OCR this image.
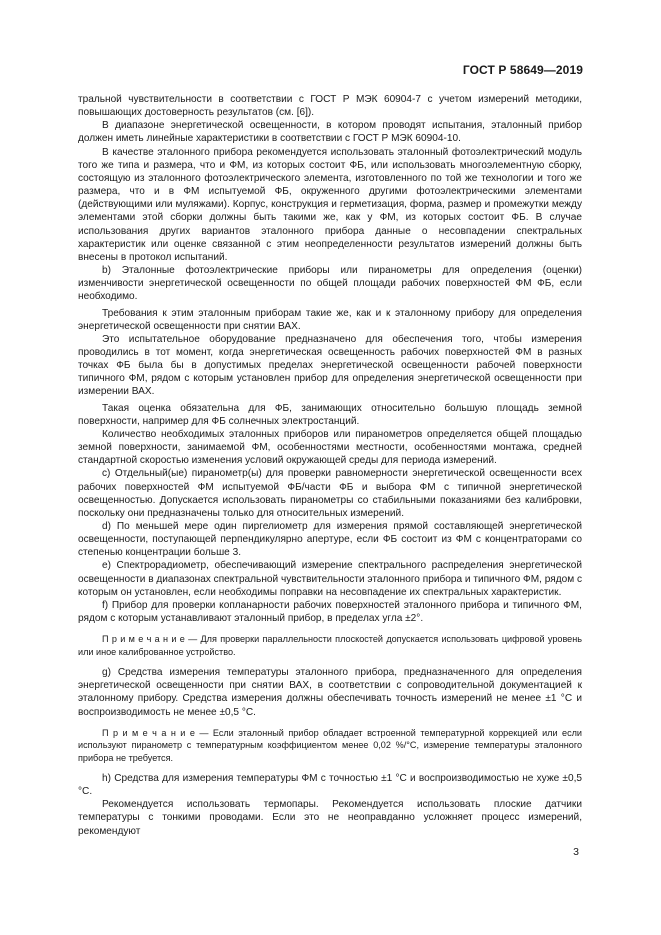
ГОСТ Р 58649—2019

тральной чувствительности в соответствии с ГОСТ Р МЭК 60904-7 с учетом измерений методики, повышающих достоверность результатов (см. [6]).

В диапазоне энергетической освещенности, в котором проводят испытания, эталонный прибор должен иметь линейные характеристики в соответствии с ГОСТ Р МЭК 60904-10.

В качестве эталонного прибора рекомендуется использовать эталонный фотоэлектрический модуль того же типа и размера, что и ФМ, из которых состоит ФБ, или использовать многоэлементную сборку, состоящую из эталонного фотоэлектрического элемента, изготовленного по той же технологии и того же размера, что и в ФМ испытуемой ФБ, окруженного другими фотоэлектрическими элементами (действующими или муляжами). Корпус, конструкция и герметизация, форма, размер и промежутки между элементами этой сборки должны быть такими же, как у ФМ, из которых состоит ФБ. В случае использования других вариантов эталонного прибора данные о несовпадении спектральных характеристик или оценке связанной с этим неопределенности результатов измерений должны быть внесены в протокол испытаний.

b) Эталонные фотоэлектрические приборы или пиранометры для определения (оценки) изменчивости энергетической освещенности по общей площади рабочих поверхностей ФМ ФБ, если необходимо.

Требования к этим эталонным приборам такие же, как и к эталонному прибору для определения энергетической освещенности при снятии ВАХ.

Это испытательное оборудование предназначено для обеспечения того, чтобы измерения проводились в тот момент, когда энергетическая освещенность рабочих поверхностей ФМ в разных точках ФБ была бы в допустимых пределах энергетической освещенности рабочей поверхности типичного ФМ, рядом с которым установлен прибор для определения энергетической освещенности при измерении ВАХ.

Такая оценка обязательна для ФБ, занимающих относительно большую площадь земной поверхности, например для ФБ солнечных электростанций.

Количество необходимых эталонных приборов или пиранометров определяется общей площадью земной поверхности, занимаемой ФМ, особенностями местности, особенностями монтажа, средней стандартной скоростью изменения условий окружающей среды для периода измерений.

c) Отдельный(ые) пиранометр(ы) для проверки равномерности энергетической освещенности всех рабочих поверхностей ФМ испытуемой ФБ/части ФБ и выбора ФМ с типичной энергетической освещенностью. Допускается использовать пиранометры со стабильными показаниями без калибровки, поскольку они предназначены только для относительных измерений.

d) По меньшей мере один пиргелиометр для измерения прямой составляющей энергетической освещенности, поступающей перпендикулярно апертуре, если ФБ состоит из ФМ с концентраторами со степенью концентрации больше 3.

e) Спектрорадиометр, обеспечивающий измерение спектрального распределения энергетической освещенности в диапазонах спектральной чувствительности эталонного прибора и типичного ФМ, рядом с которым он установлен, если необходимы поправки на несовпадение их спектральных характеристик.

f) Прибор для проверки копланарности рабочих поверхностей эталонного прибора и типичного ФМ, рядом с которым устанавливают эталонный прибор, в пределах угла ±2°.

П р и м е ч а н и е — Для проверки параллельности плоскостей допускается использовать цифровой уровень или иное калиброванное устройство.

g) Средства измерения температуры эталонного прибора, предназначенного для определения энергетической освещенности при снятии ВАХ, в соответствии с сопроводительной документацией к эталонному прибору. Средства измерения должны обеспечивать точность измерений не менее ±1 °С и воспроизводимость не менее ±0,5 °С.

П р и м е ч а н и е — Если эталонный прибор обладает встроенной температурной коррекцией или если используют пиранометр с температурным коэффициентом менее 0,02 %/°С, измерение температуры эталонного прибора не требуется.

h) Средства для измерения температуры ФМ с точностью ±1 °С и воспроизводимостью не хуже ±0,5 °С.

Рекомендуется использовать термопары. Рекомендуется использовать плоские датчики температуры с тонкими проводами. Если это не неоправданно усложняет процесс измерений, рекомендуют

3
